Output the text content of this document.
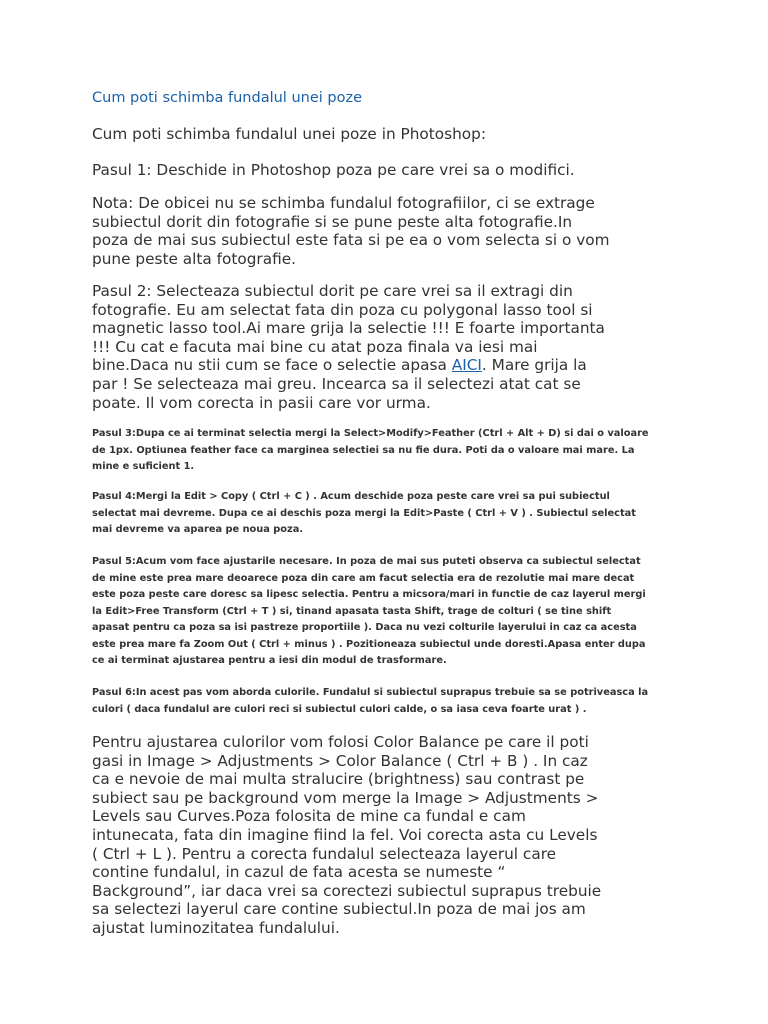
Cum poti schimba fundalul unei poze
Cum poti schimba fundalul unei poze in Photoshop:
Pasul 1: Deschide in Photoshop poza pe care vrei sa o modifici.
Nota: De obicei nu se schimba fundalul fotografiilor, ci se extrage
subiectul dorit din fotografie si se pune peste alta fotografie.In
poza de mai sus subiectul este fata si pe ea o vom selecta si o vom
pune peste alta fotografie.
Pasul 2: Selecteaza subiectul dorit pe care vrei sa il extragi din
fotografie. Eu am selectat fata din poza cu polygonal lasso tool si
magnetic lasso tool.Ai mare grija la selectie !!! E foarte importanta
!!! Cu cat e facuta mai bine cu atat poza finala va iesi mai
bine.Daca nu stii cum se face o selectie apasa AICI. Mare grija la
par ! Se selecteaza mai greu. Incearca sa il selectezi atat cat se
poate. Il vom corecta in pasii care vor urma.
Pasul 3:Dupa ce ai terminat selectia mergi la Select>Modify>Feather (Ctrl + Alt + D) si dai o valoare
de 1px. Optiunea feather face ca marginea selectiei sa nu fie dura. Poti da o valoare mai mare. La
mine e suficient 1.
Pasul 4:Mergi la Edit > Copy ( Ctrl + C ) . Acum deschide poza peste care vrei sa pui subiectul
selectat mai devreme. Dupa ce ai deschis poza mergi la Edit>Paste ( Ctrl + V ) . Subiectul selectat
mai devreme va aparea pe noua poza.
Pasul 5:Acum vom face ajustarile necesare. In poza de mai sus puteti observa ca subiectul selectat
de mine este prea mare deoarece poza din care am facut selectia era de rezolutie mai mare decat
este poza peste care doresc sa lipesc selectia. Pentru a micsora/mari in functie de caz layerul mergi
la Edit>Free Transform (Ctrl + T ) si, tinand apasata tasta Shift, trage de colturi ( se tine shift
apasat pentru ca poza sa isi pastreze proportiile ). Daca nu vezi colturile layerului in caz ca acesta
este prea mare fa Zoom Out ( Ctrl + minus ) . Pozitioneaza subiectul unde doresti.Apasa enter dupa
ce ai terminat ajustarea pentru a iesi din modul de trasformare.
Pasul 6:In acest pas vom aborda culorile. Fundalul si subiectul suprapus trebuie sa se potriveasca la
culori ( daca fundalul are culori reci si subiectul culori calde, o sa iasa ceva foarte urat ) .
Pentru ajustarea culorilor vom folosi Color Balance pe care il poti
gasi in Image > Adjustments > Color Balance ( Ctrl + B ) . In caz
ca e nevoie de mai multa stralucire (brightness) sau contrast pe
subiect sau pe background vom merge la Image > Adjustments >
Levels sau Curves.Poza folosita de mine ca fundal e cam
intunecata, fata din imagine fiind la fel. Voi corecta asta cu Levels
( Ctrl + L ). Pentru a corecta fundalul selecteaza layerul care
contine fundalul, in cazul de fata acesta se numeste “
Background”, iar daca vrei sa corectezi subiectul suprapus trebuie
sa selectezi layerul care contine subiectul.In poza de mai jos am
ajustat luminozitatea fundalului.
